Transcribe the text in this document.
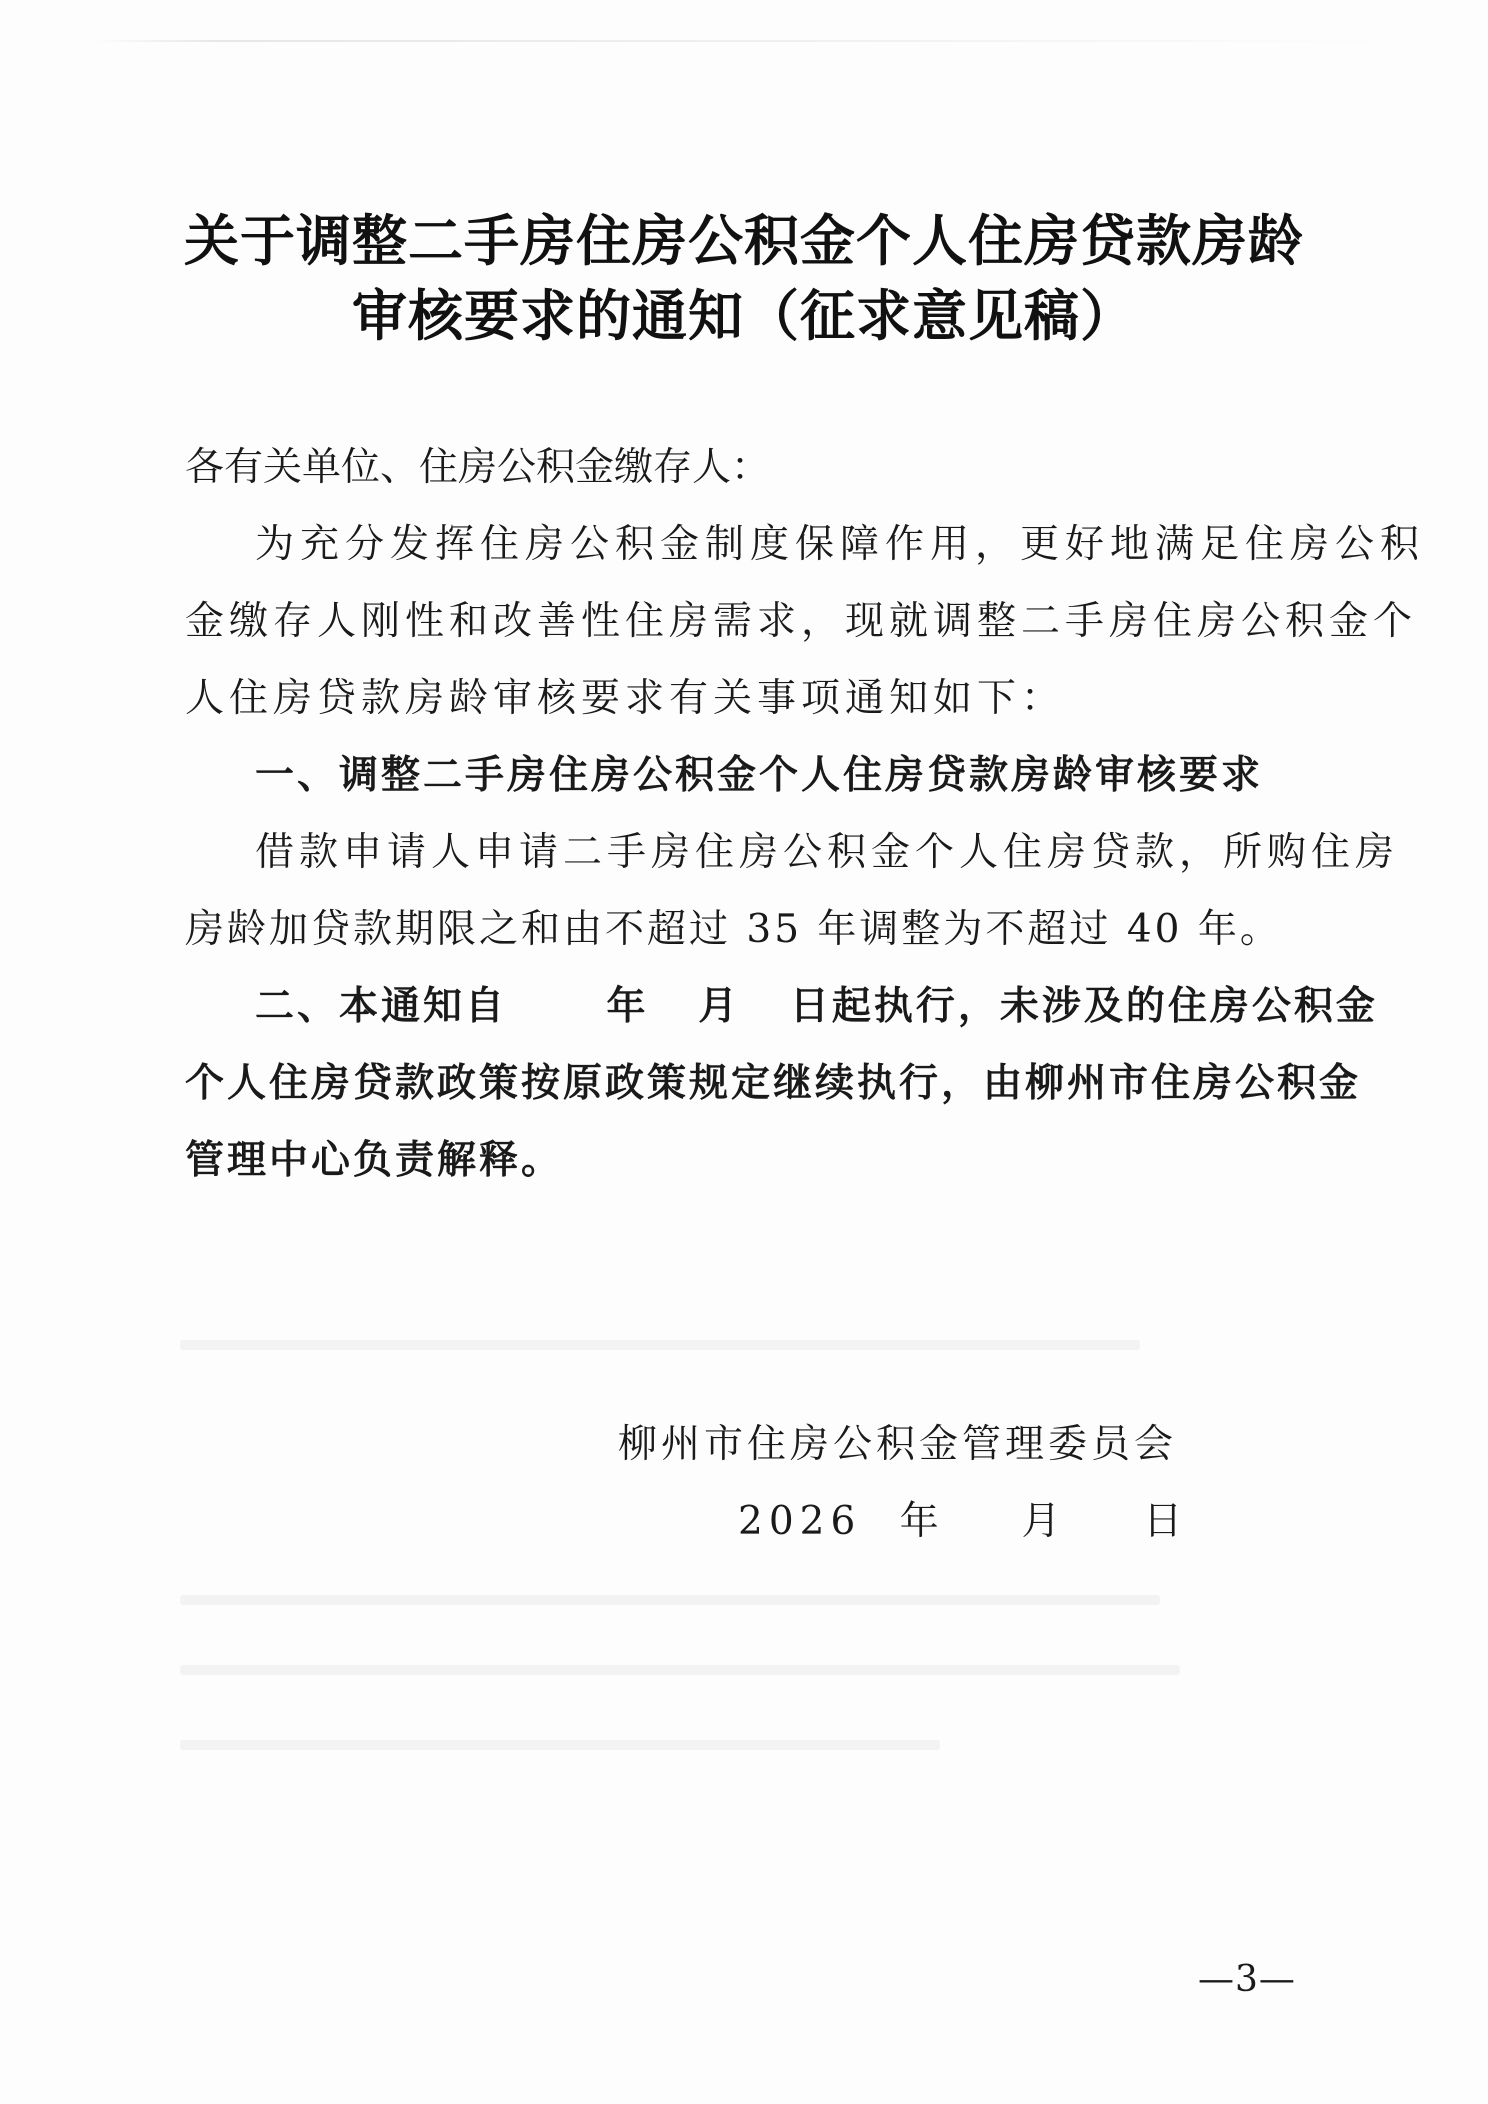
关于调整二手房住房公积金个人住房贷款房龄
审核要求的通知（征求意见稿）
各有关单位、住房公积金缴存人：
为充分发挥住房公积金制度保障作用，更好地满足住房公积
金缴存人刚性和改善性住房需求，现就调整二手房住房公积金个
人住房贷款房龄审核要求有关事项通知如下：
一、调整二手房住房公积金个人住房贷款房龄审核要求
借款申请人申请二手房住房公积金个人住房贷款，所购住房
房龄加贷款期限之和由不超过 35 年调整为不超过 40 年。
二、本通知自      年   月   日起执行，未涉及的住房公积金
个人住房贷款政策按原政策规定继续执行，由柳州市住房公积金
管理中心负责解释。
柳州市住房公积金管理委员会
2026 年  月  日
—3—
